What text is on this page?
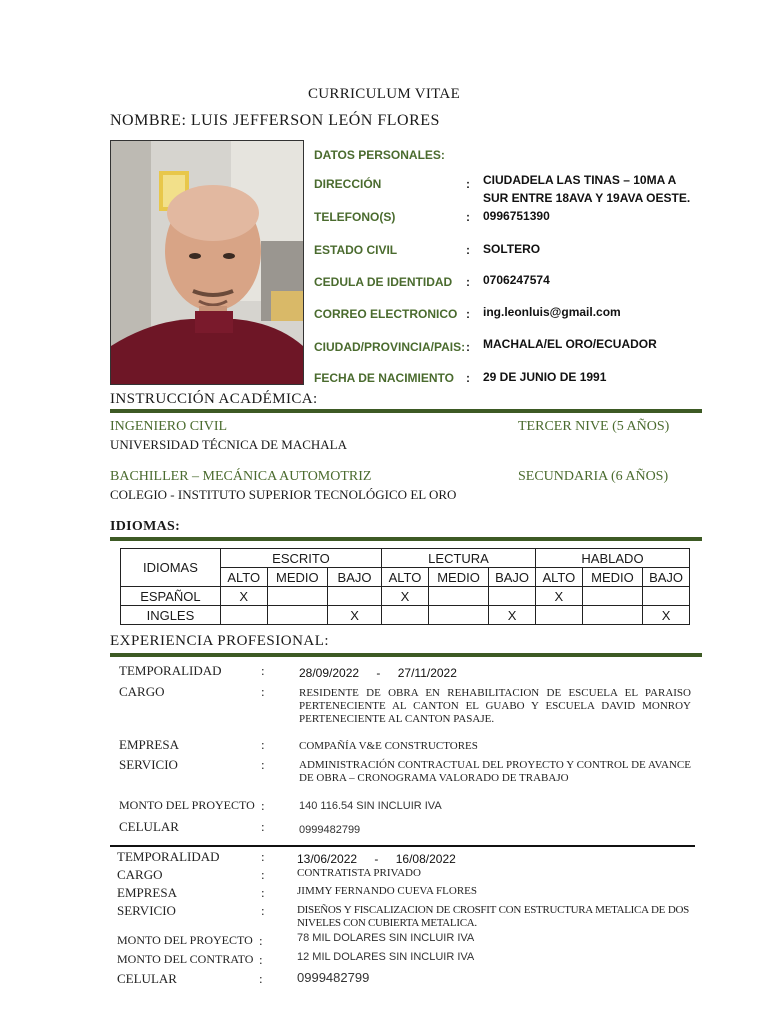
CURRICULUM VITAE
NOMBRE: LUIS JEFFERSON LEÓN FLORES
DATOS PERSONALES:
DIRECCIÓN	: CIUDADELA LAS TINAS – 10MA A SUR ENTRE 18AVA Y 19AVA OESTE.
TELEFONO(S)	: 0996751390
ESTADO CIVIL	: SOLTERO
CEDULA DE IDENTIDAD : 0706247574
CORREO ELECTRONICO : ing.leonluis@gmail.com
CIUDAD/PROVINCIA/PAIS: : MACHALA/EL ORO/ECUADOR
FECHA DE NACIMIENTO : 29 DE JUNIO DE 1991
INSTRUCCIÓN ACADÉMICA:
INGENIERO CIVIL	TERCER NIVE (5 AÑOS)
UNIVERSIDAD TÉCNICA DE MACHALA
BACHILLER – MECÁNICA AUTOMOTRIZ	SECUNDARIA (6 AÑOS)
COLEGIO - INSTITUTO SUPERIOR TECNOLÓGICO EL ORO
IDIOMAS:
IDIOMAS	ESCRITO			LECTURA			HABLADO		
	ALTO	MEDIO	BAJO	ALTO	MEDIO	BAJO	ALTO	MEDIO	BAJO
ESPAÑOL	X			X			X		
INGLES			X			X			X
EXPERIENCIA PROFESIONAL:
TEMPORALIDAD	:	28/09/2022    -    27/11/2022
CARGO	:	RESIDENTE DE OBRA EN REHABILITACION DE ESCUELA EL PARAISO PERTENECIENTE AL CANTON EL GUABO Y ESCUELA DAVID MONROY PERTENECIENTE AL CANTON PASAJE.
EMPRESA	:	COMPAÑÍA V&E CONSTRUCTORES
SERVICIO	:	ADMINISTRACIÓN CONTRACTUAL DEL PROYECTO Y CONTROL DE AVANCE DE OBRA – CRONOGRAMA VALORADO DE TRABAJO
MONTO DEL PROYECTO :	140 116.54 SIN INCLUIR IVA
CELULAR	:	0999482799
TEMPORALIDAD	:	13/06/2022    -    16/08/2022
CARGO	:	CONTRATISTA PRIVADO
EMPRESA	:	JIMMY FERNANDO CUEVA FLORES
SERVICIO	:	DISEÑOS Y FISCALIZACION DE CROSFIT CON ESTRUCTURA METALICA DE DOS NIVELES CON CUBIERTA METALICA.
MONTO DEL PROYECTO :	78 MIL DOLARES SIN INCLUIR IVA
MONTO DEL CONTRATO :	12 MIL DOLARES SIN INCLUIR IVA
CELULAR	:	0999482799
